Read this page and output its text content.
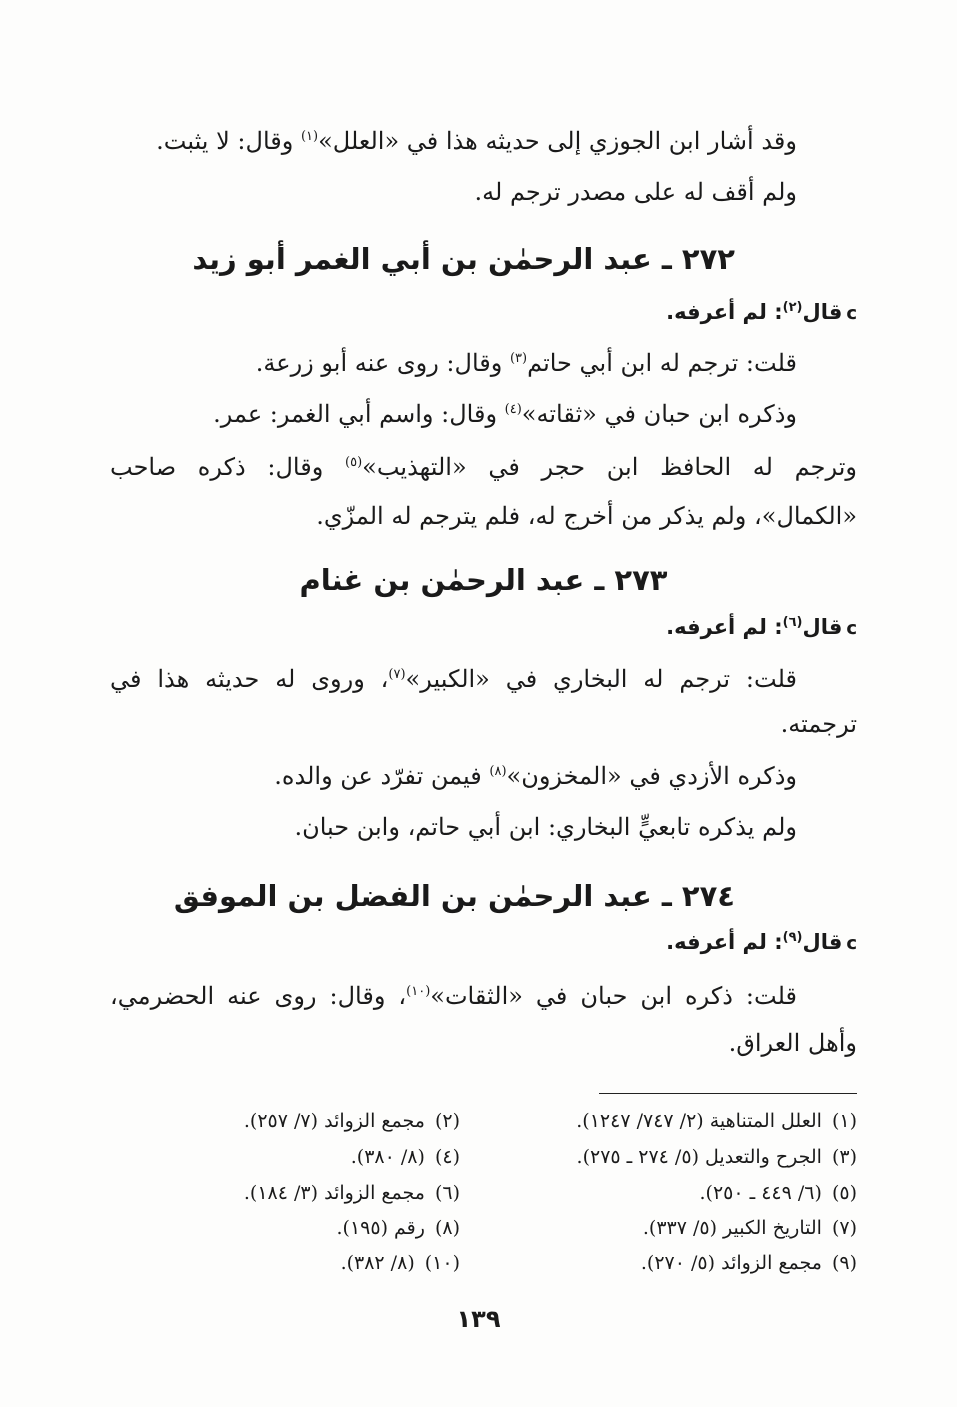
وقد أشار ابن الجوزي إلى حديثه هذا في «العلل»$^{(١)}$ وقال: لا يثبت.
ولم أقف له على مصدر ترجم له.
٢٧٢ ـ عبد الرحمٰن بن أبي الغمر أبو زيد
cقال$^{(٢)}$: لم أعرفه.
قلت: ترجم له ابن أبي حاتم$^{(٣)}$ وقال: روى عنه أبو زرعة.
وذكره ابن حبان في «ثقاته»$^{(٤)}$ وقال: واسم أبي الغمر: عمر.
وترجم له الحافظ ابن حجر في «التهذيب»$^{(٥)}$ وقال: ذكره صاحب
«الكمال»، ولم يذكر من أخرج له، فلم يترجم له المزّي.
٢٧٣ ـ عبد الرحمٰن بن غنام
cقال$^{(٦)}$: لم أعرفه.
قلت: ترجم له البخاري في «الكبير»$^{(٧)}$، وروى له حديثه هذا في
ترجمته.
وذكره الأزدي في «المخزون»$^{(٨)}$ فيمن تفرّد عن والده.
ولم يذكره تابعيٍّ البخاري: ابن أبي حاتم، وابن حبان.
٢٧٤ ـ عبد الرحمٰن بن الفضل بن الموفق
cقال$^{(٩)}$: لم أعرفه.
قلت: ذكره ابن حبان في «الثقات»$^{(١٠)}$، وقال: روى عنه الحضرمي،
وأهل العراق.
(١)العلل المتناهية (٢/ ٧٤٧/ ١٢٤٧).
(٢)مجمع الزوائد (٧/ ٢٥٧).
(٣)الجرح والتعديل (٥/ ٢٧٤ ـ ٢٧٥).
(٤)(٨/ ٣٨٠).
(٥)(٦/ ٤٤٩ ـ ٢٥٠).
(٦)مجمع الزوائد (٣/ ١٨٤).
(٧)التاريخ الكبير (٥/ ٣٣٧).
(٨)رقم (١٩٥).
(٩)مجمع الزوائد (٥/ ٢٧٠).
(١٠)(٨/ ٣٨٢).
١٣٩
